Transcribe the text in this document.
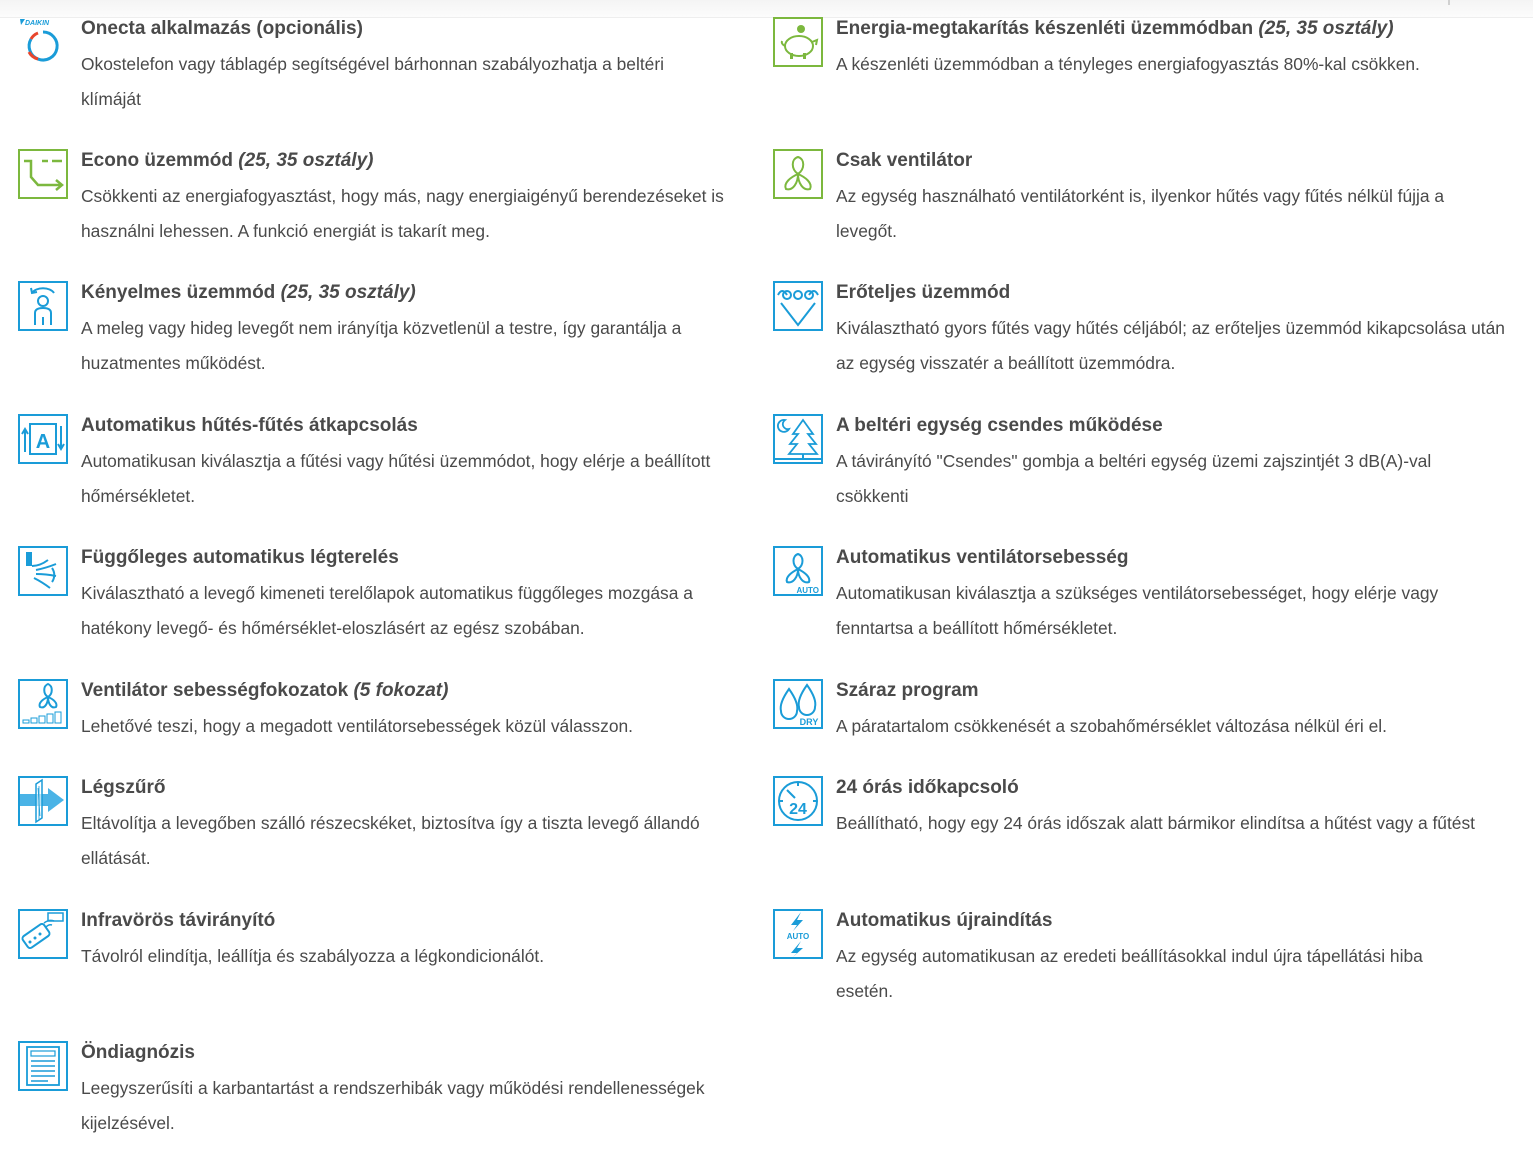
DAIKIN Onecta alkalmazás (opcionális)

Okostelefon vagy táblagép segítségével bárhonnan szabályozhatja a beltéri klímáját

Energia-megtakarítás készenléti üzemmódban (25, 35 osztály)

A készenléti üzemmódban a tényleges energiafogyasztás 80%-kal csökken.

Econo üzemmód (25, 35 osztály)

Csökkenti az energiafogyasztást, hogy más, nagy energiaigényű berendezéseket is használni lehessen. A funkció energiát is takarít meg.

Csak ventilátor

Az egység használható ventilátorként is, ilyenkor hűtés vagy fűtés nélkül fújja a levegőt.

Kényelmes üzemmód (25, 35 osztály)

A meleg vagy hideg levegőt nem irányítja közvetlenül a testre, így garantálja a huzatmentes működést.

Erőteljes üzemmód

Kiválasztható gyors fűtés vagy hűtés céljából; az erőteljes üzemmód kikapcsolása után az egység visszatér a beállított üzemmódra.

A
Automatikus hűtés-fűtés átkapcsolás

Automatikusan kiválasztja a fűtési vagy hűtési üzemmódot, hogy elérje a beállított hőmérsékletet.

A beltéri egység csendes működése

A távirányító "Csendes" gombja a beltéri egység üzemi zajszintjét 3 dB(A)-val csökkenti

Függőleges automatikus légterelés

Kiválasztható a levegő kimeneti terelőlapok automatikus függőleges mozgása a hatékony levegő- és hőmérséklet-eloszlásért az egész szobában.

AUTO
Automatikus ventilátorsebesség

Automatikusan kiválasztja a szükséges ventilátorsebességet, hogy elérje vagy fenntartsa a beállított hőmérsékletet.

Ventilátor sebességfokozatok (5 fokozat)

Lehetővé teszi, hogy a megadott ventilátorsebességek közül válasszon.	DRY
Száraz program

A páratartalom csökkenését a szobahőmérséklet változása nélkül éri el.

Légszűrő

Eltávolítja a levegőben szálló részecskéket, biztosítva így a tiszta levegő állandó ellátását.

24
24 órás időkapcsoló

Beállítható, hogy egy 24 órás időszak alatt bármikor elindítsa a hűtést vagy a fűtést

Infravörös távirányító

Távolról elindítja, leállítja és szabályozza a légkondicionálót.

AUTO
Automatikus újraindítás

Az egység automatikusan az eredeti beállításokkal indul újra tápellátási hiba esetén.

Öndiagnózis

Leegyszerűsíti a karbantartást a rendszerhibák vagy működési rendellenességek kijelzésével.
